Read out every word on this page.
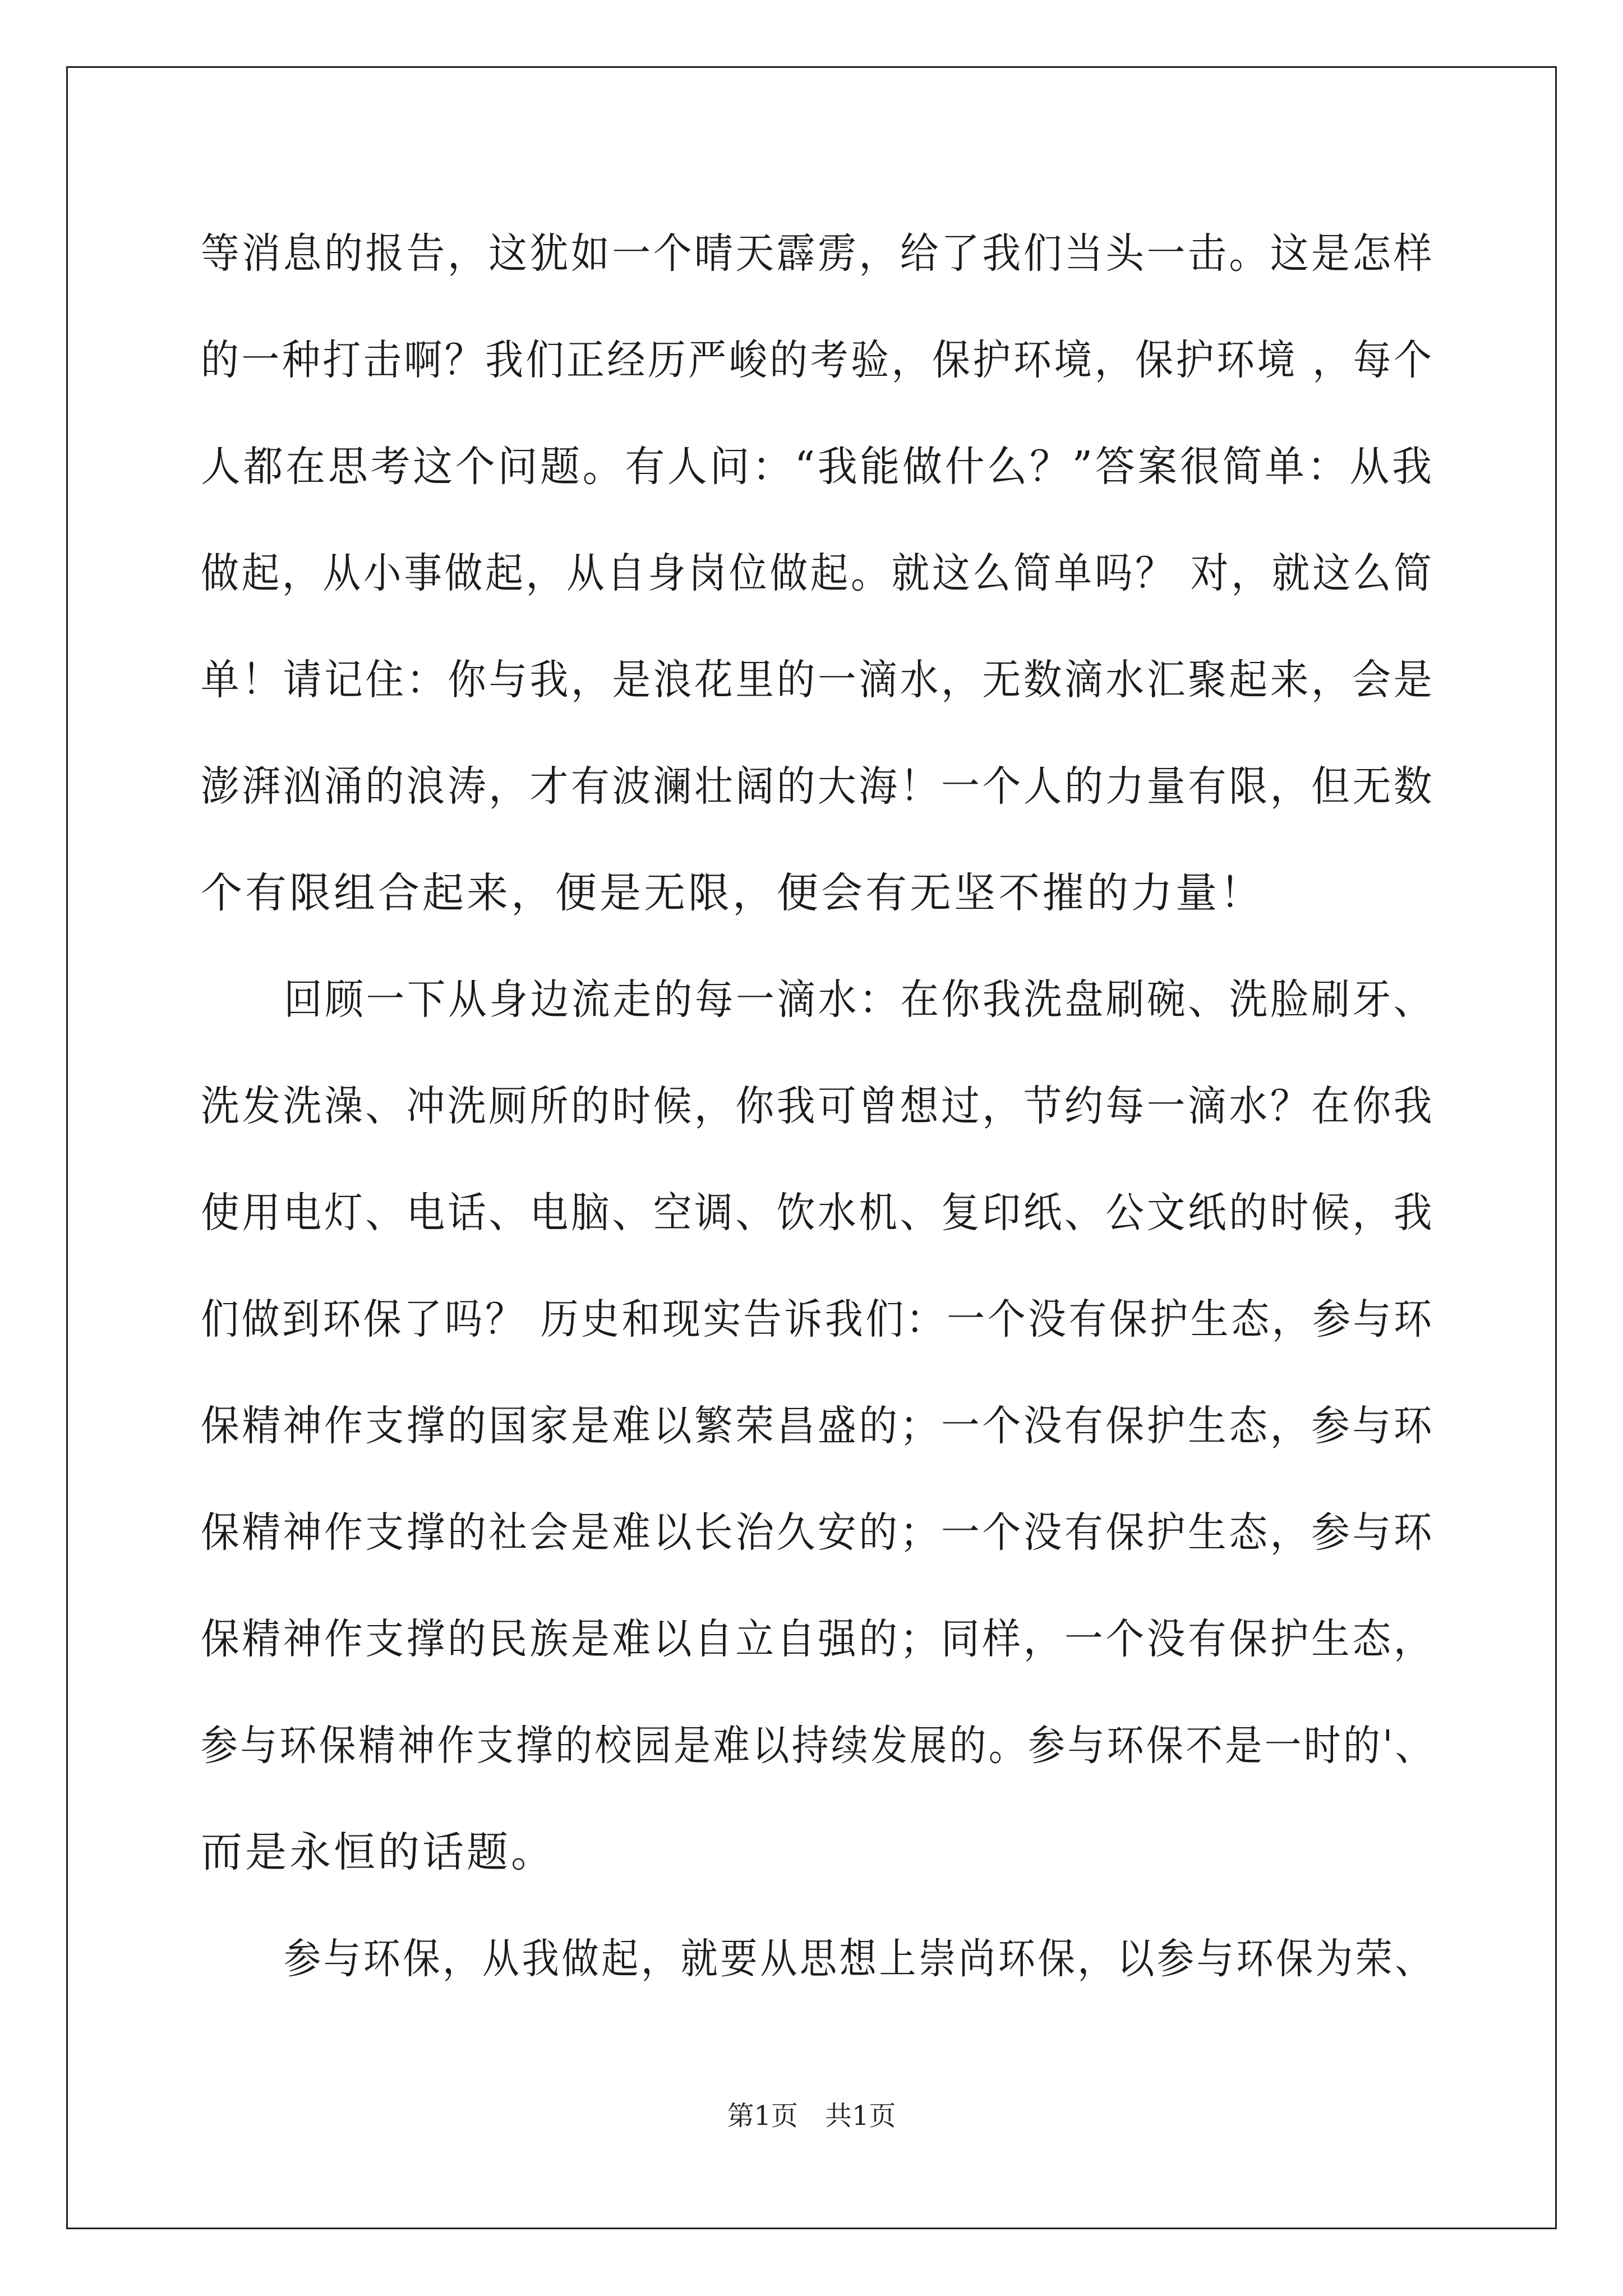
等消息的报告，这犹如一个晴天霹雳，给了我们当头一击。这是怎样
的一种打击啊？我们正经历严峻的考验，保护环境，保护环境 ，每个
人都在思考这个问题。有人问：“我能做什么？”答案很简单：从我
做起，从小事做起，从自身岗位做起。就这么简单吗？ 对，就这么简
单！请记住：你与我，是浪花里的一滴水，无数滴水汇聚起来，会是
澎湃汹涌的浪涛，才有波澜壮阔的大海！一个人的力量有限，但无数
个有限组合起来，便是无限，便会有无坚不摧的力量！
回顾一下从身边流走的每一滴水：在你我洗盘刷碗、洗脸刷牙、
洗发洗澡、冲洗厕所的时候，你我可曾想过，节约每一滴水？在你我
使用电灯、电话、电脑、空调、饮水机、复印纸、公文纸的时候，我
们做到环保了吗？ 历史和现实告诉我们：一个没有保护生态，参与环
保精神作支撑的国家是难以繁荣昌盛的；一个没有保护生态，参与环
保精神作支撑的社会是难以长治久安的；一个没有保护生态，参与环
保精神作支撑的民族是难以自立自强的；同样，一个没有保护生态，
参与环保精神作支撑的校园是难以持续发展的。参与环保不是一时的'、
而是永恒的话题。
参与环保，从我做起，就要从思想上崇尚环保，以参与环保为荣、
第1页 共1页
